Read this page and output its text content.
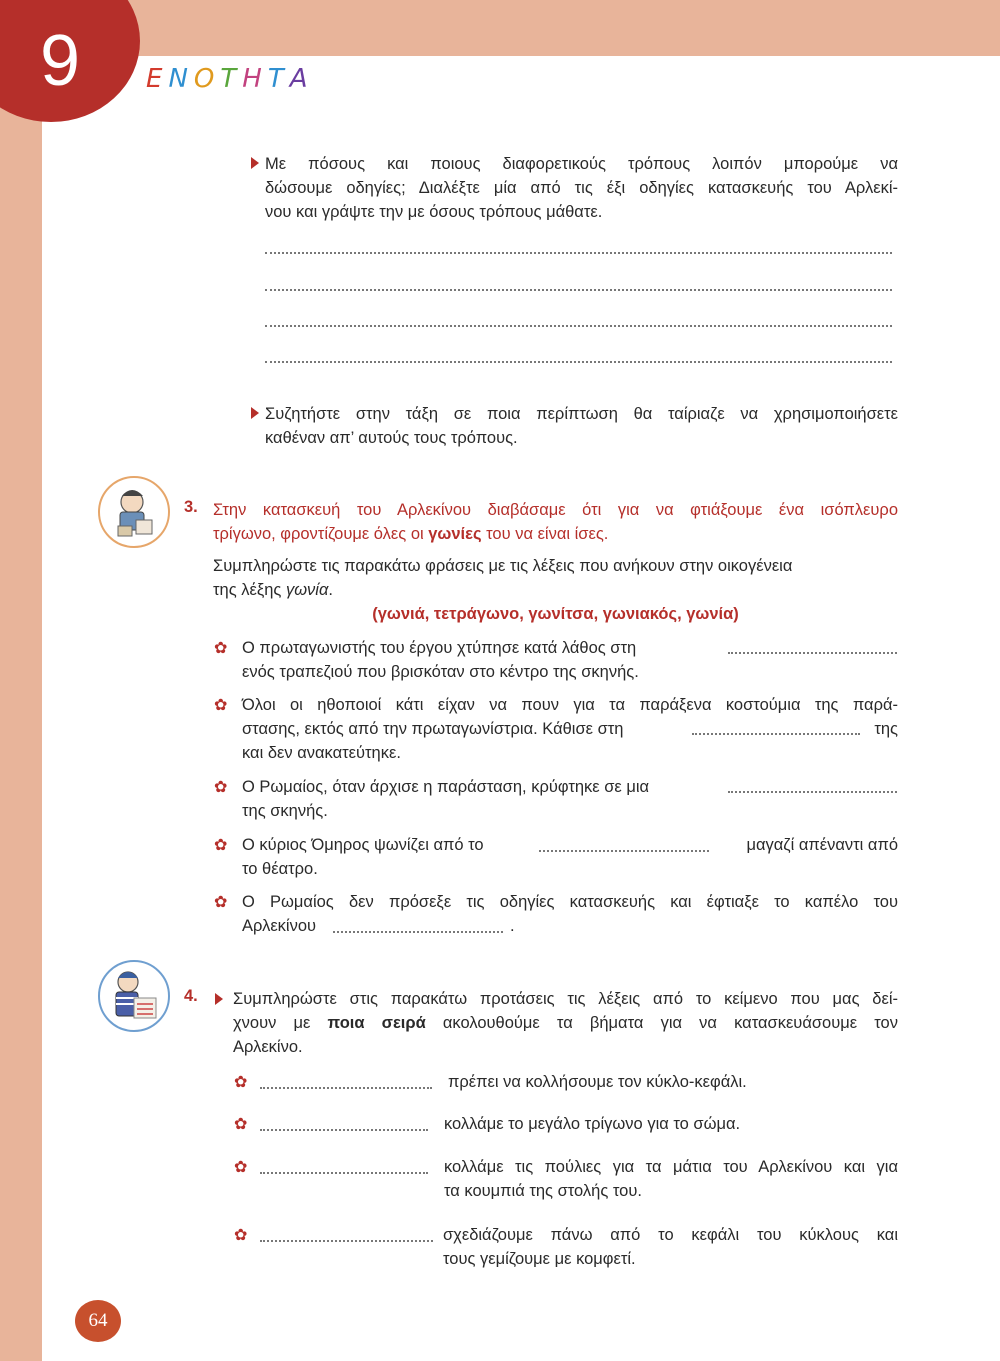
9	ΕΝΟΤΗΤΑ
Με πόσους και ποιους διαφορετικούς τρόπους λοιπόν μπορούμε να
δώσουμε οδηγίες; Διαλέξτε μία από τις έξι οδηγίες κατασκευής του Αρλεκί-
νου και γράψτε την με όσους τρόπους μάθατε.
Συζητήστε στην τάξη σε ποια περίπτωση θα ταίριαζε να χρησιμοποιήσετε
καθέναν απ’ αυτούς τους τρόπους.
3. Στην κατασκευή του Αρλεκίνου διαβάσαμε ότι για να φτιάξουμε ένα ισόπλευρο
τρίγωνο, φροντίζουμε όλες οι γωνίες του να είναι ίσες.
Συμπληρώστε τις παρακάτω φράσεις με τις λέξεις που ανήκουν στην οικογένεια
της λέξης γωνία.
(γωνιά, τετράγωνο, γωνίτσα, γωνιακός, γωνία)
✿ Ο πρωταγωνιστής του έργου χτύπησε κατά λάθος στη
ενός τραπεζιού που βρισκόταν στο κέντρο της σκηνής.
✿ Όλοι οι ηθοποιοί κάτι είχαν να πουν για τα παράξενα κοστούμια της παρά-
στασης, εκτός από την πρωταγωνίστρια. Κάθισε στη	της
και δεν ανακατεύτηκε.
✿ Ο Ρωμαίος, όταν άρχισε η παράσταση, κρύφτηκε σε μια
της σκηνής.
✿ Ο κύριος Όμηρος ψωνίζει από το	μαγαζί απέναντι από
το θέατρο.
✿ Ο Ρωμαίος δεν πρόσεξε τις οδηγίες κατασκευής και έφτιαξε το καπέλο του
Αρλεκίνου	.
4. Συμπληρώστε στις παρακάτω προτάσεις τις λέξεις από το κείμενο που μας δεί-
χνουν με ποια σειρά ακολουθούμε τα βήματα για να κατασκευάσουμε τον
Αρλεκίνο.
✿	πρέπει να κολλήσουμε τον κύκλο-κεφάλι.
✿	κολλάμε το μεγάλο τρίγωνο για το σώμα.
✿	κολλάμε τις πούλιες για τα μάτια του Αρλεκίνου και για
τα κουμπιά της στολής του.
✿	σχεδιάζουμε πάνω από το κεφάλι του κύκλους και
τους γεμίζουμε με κομφετί.
64
